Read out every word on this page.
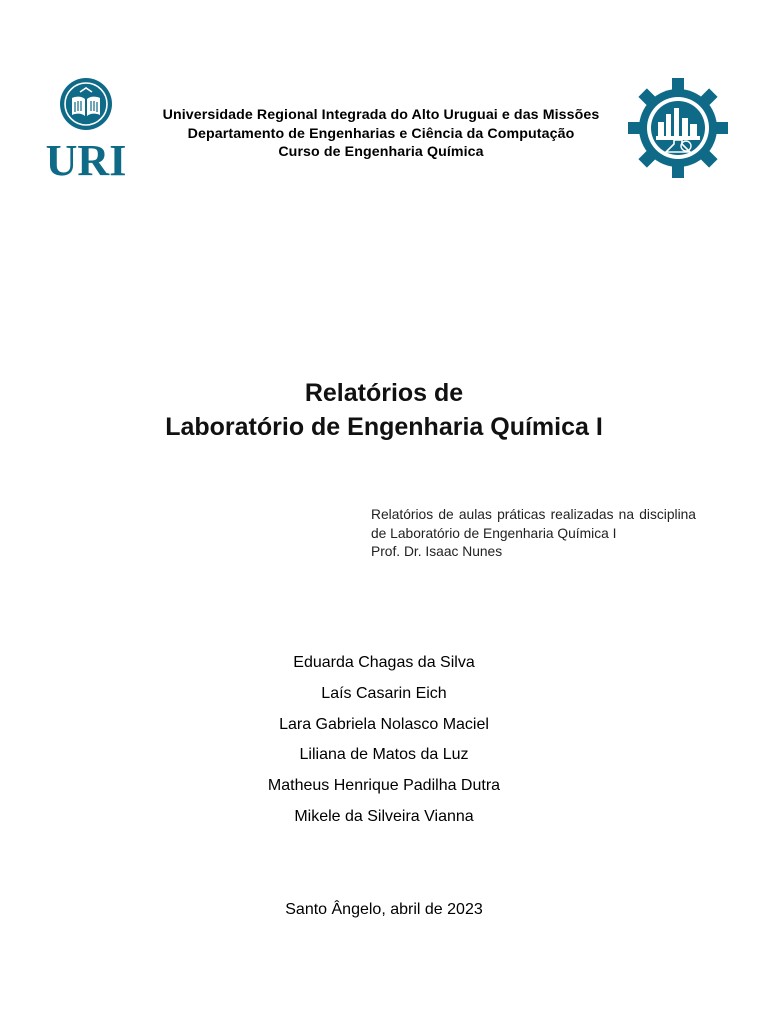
URI
Universidade Regional Integrada do Alto Uruguai e das Missões
Departamento de Engenharias e Ciência da Computação
Curso de Engenharia Química
Relatórios de
Laboratório de Engenharia Química I
Relatórios de aulas práticas realizadas na disciplina de Laboratório de Engenharia Química I
Prof. Dr. Isaac Nunes
Eduarda Chagas da Silva
Laís Casarin Eich
Lara Gabriela Nolasco Maciel
Liliana de Matos da Luz
Matheus Henrique Padilha Dutra
Mikele da Silveira Vianna
Santo Ângelo, abril de 2023
